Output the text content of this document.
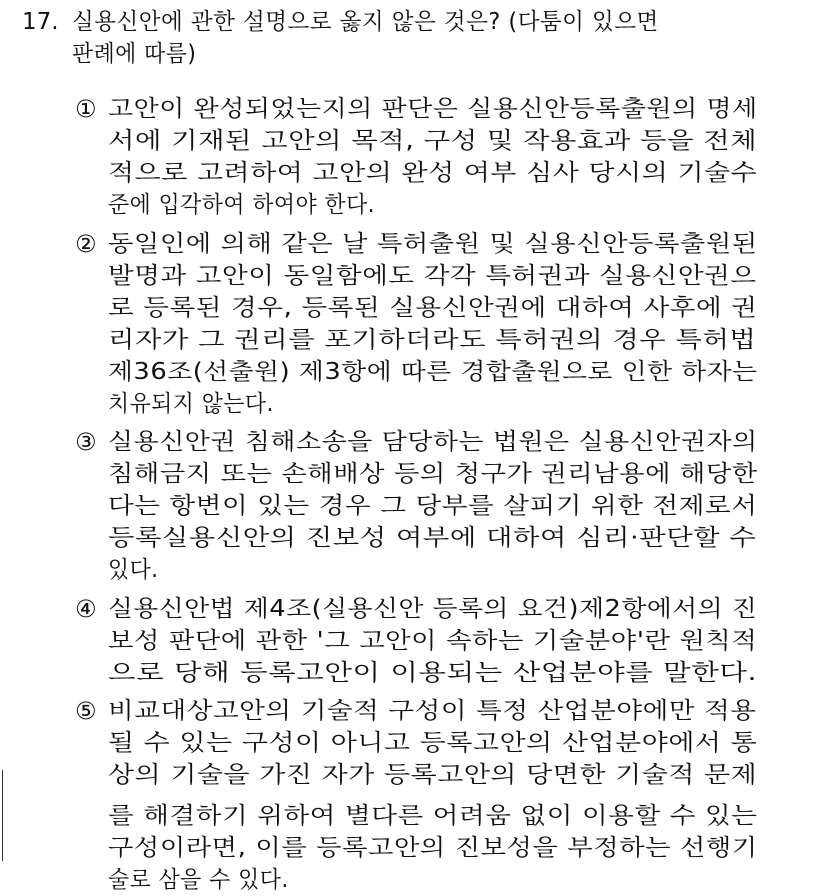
17. 실용신안에 관한 설명으로 옳지 않은 것은? (다툼이 있으면
판례에 따름)
① 고안이 완성되었는지의 판단은 실용신안등록출원의 명세
서에 기재된 고안의 목적, 구성 및 작용효과 등을 전체
적으로 고려하여 고안의 완성 여부 심사 당시의 기술수
준에 입각하여 하여야 한다.
② 동일인에 의해 같은 날 특허출원 및 실용신안등록출원된
발명과 고안이 동일함에도 각각 특허권과 실용신안권으
로 등록된 경우, 등록된 실용신안권에 대하여 사후에 권
리자가 그 권리를 포기하더라도 특허권의 경우 특허법
제36조(선출원) 제3항에 따른 경합출원으로 인한 하자는
치유되지 않는다.
③ 실용신안권 침해소송을 담당하는 법원은 실용신안권자의
침해금지 또는 손해배상 등의 청구가 권리남용에 해당한
다는 항변이 있는 경우 그 당부를 살피기 위한 전제로서
등록실용신안의 진보성 여부에 대하여 심리·판단할 수
있다.
④ 실용신안법 제4조(실용신안 등록의 요건)제2항에서의 진
보성 판단에 관한 '그 고안이 속하는 기술분야'란 원칙적
으로 당해 등록고안이 이용되는 산업분야를 말한다.
⑤ 비교대상고안의 기술적 구성이 특정 산업분야에만 적용
될 수 있는 구성이 아니고 등록고안의 산업분야에서 통
상의 기술을 가진 자가 등록고안의 당면한 기술적 문제
를 해결하기 위하여 별다른 어려움 없이 이용할 수 있는
구성이라면, 이를 등록고안의 진보성을 부정하는 선행기
술로 삼을 수 있다.
